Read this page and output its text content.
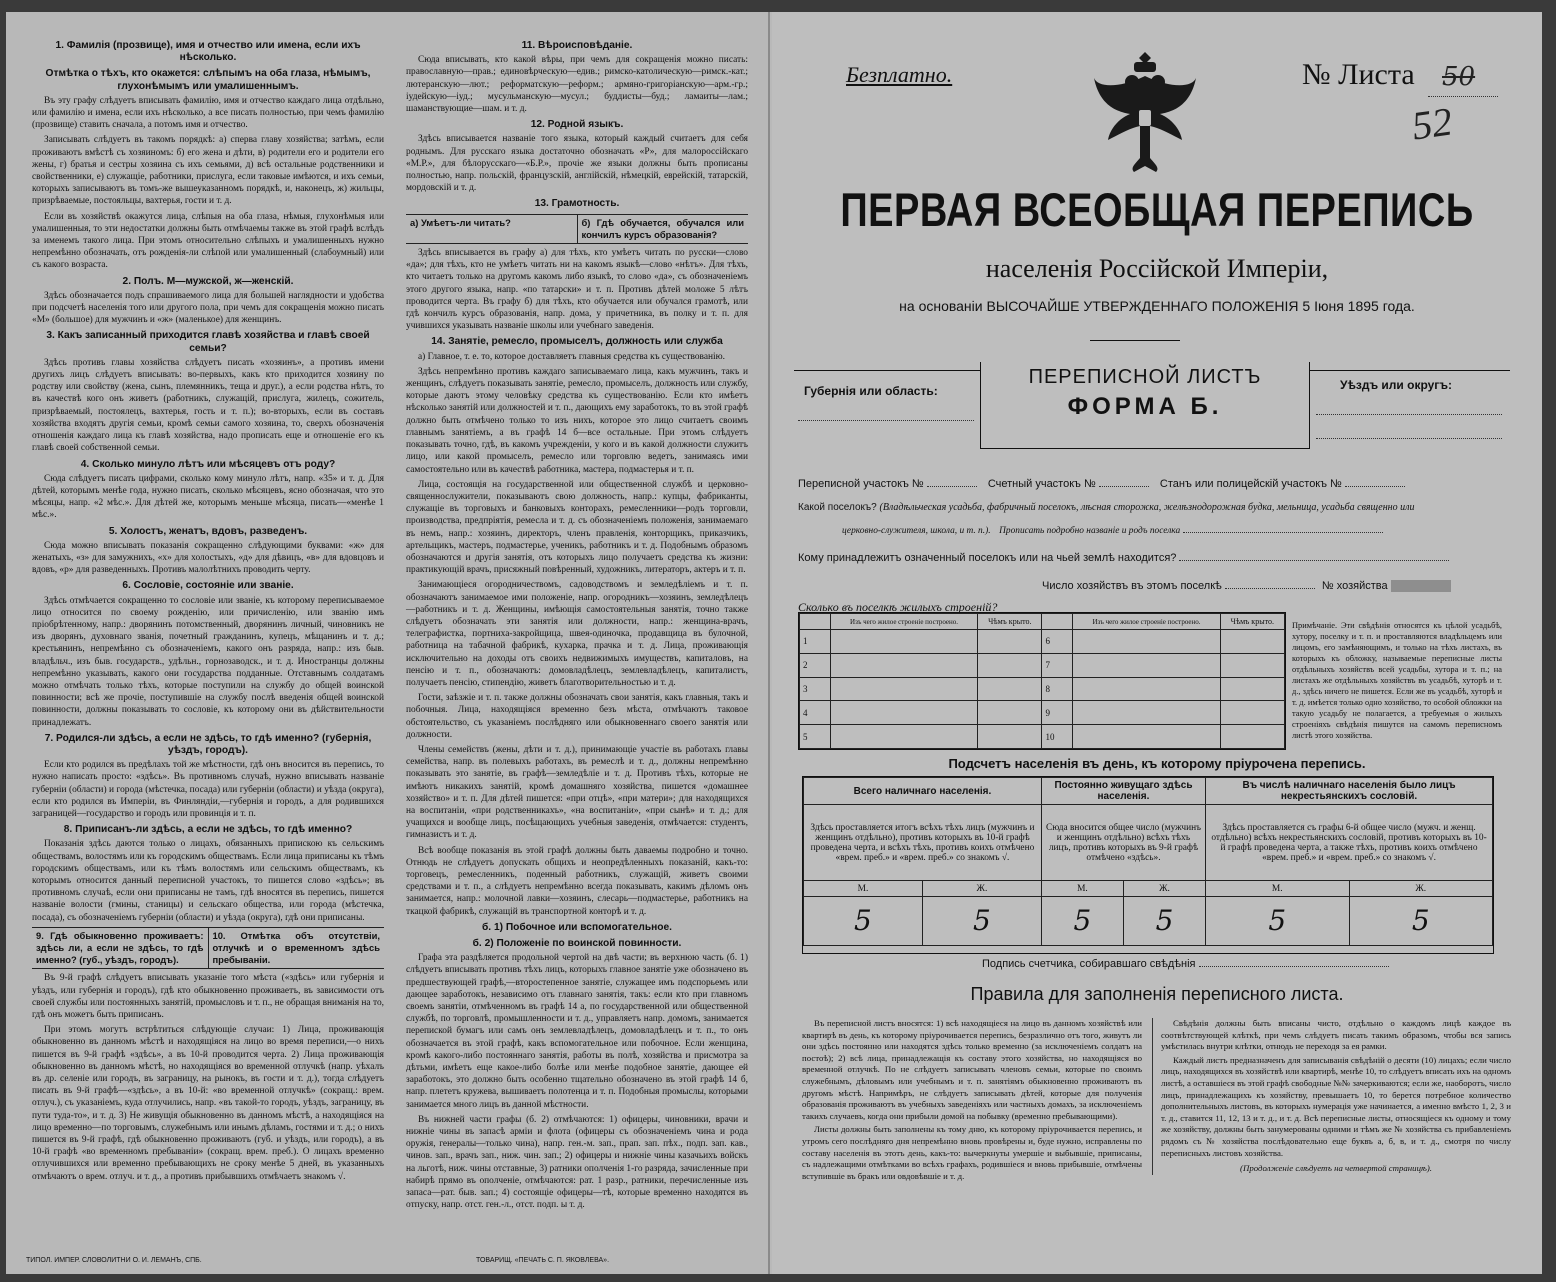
1. Фамилія (прозвище), имя и отчество или имена, если ихъ нѣсколько.
Отмѣтка о тѣхъ, кто окажется: слѣпымъ на оба глаза, нѣмымъ, глухонѣмымъ или умалишеннымъ.

Въ эту графу слѣдуетъ вписывать фамилію, имя и отчество каждаго лица отдѣльно, или фамилію и имена, если ихъ нѣсколько, а все писать полностью, при чемъ фамилію (прозвище) ставить сначала, а потомъ имя и отчество.

Записывать слѣдуетъ въ такомъ порядкѣ: а) сперва главу хозяйства; затѣмъ, если проживаютъ вмѣстѣ съ хозяиномъ: б) его жена и дѣти, в) родители его и родители его жены, г) братья и сестры хозяина съ ихъ семьями, д) всѣ остальные родственники и свойственники, е) служащіе, работники, прислуга, если таковые имѣются, и ихъ семьи, которыхъ записываютъ въ томъ-же вышеуказанномъ порядкѣ, и, наконецъ, ж) жильцы, призрѣваемые, постояльцы, вахтерья, гости и т. д.

Если въ хозяйствѣ окажутся лица, слѣпыя на оба глаза, нѣмыя, глухонѣмыя или умалишенныя, то эти недостатки должны быть отмѣчаемы также въ этой графѣ вслѣдъ за именемъ такого лица. При этомъ относительно слѣпыхъ и умалишенныхъ нужно непремѣнно обозначать, отъ рожденія-ли слѣпой или умалишенный (слабоумный) или съ какого возраста.

2. Полъ. М—мужской, ж—женскій.

Здѣсь обозначается подъ спрашиваемого лица для большей наглядности и удобства при подсчетѣ населенія того или другого пола, при чемъ для сокращенія можно писать «М» (большое) для мужчинъ и «ж» (маленькое) для женщинъ.

3. Какъ записанный приходится главѣ хозяйства и главѣ своей семьи?

Здѣсь противъ главы хозяйства слѣдуетъ писать «хозяинъ», а противъ имени другихъ лицъ слѣдуетъ вписывать: во-первыхъ, какъ кто приходится хозяину по родству или свойству (жена, сынъ, племянникъ, теща и друг.), а если родства нѣтъ, то въ качествѣ кого онъ живетъ (работникъ, служащій, прислуга, жилецъ, сожитель, призрѣваемый, постоялецъ, вахтерья, гость и т. п.); во-вторыхъ, если въ составъ хозяйства входятъ другія семьи, кромѣ семьи самого хозяина, то, сверхъ обозначенія отношенія каждаго лица къ главѣ хозяйства, надо прописать еще и отношеніе его къ главѣ своей собственной семьи.

4. Сколько минуло лѣтъ или мѣсяцевъ отъ роду?

Сюда слѣдуетъ писать цифрами, сколько кому минуло лѣтъ, напр. «35» и т. д. Для дѣтей, которымъ менѣе года, нужно писать, сколько мѣсяцевъ, ясно обозначая, что это мѣсяцы, напр. «2 мѣс.». Для дѣтей же, которымъ меньше мѣсяца, писать—«менѣе 1 мѣс.».

5. Холостъ, женатъ, вдовъ, разведенъ.

Сюда можно вписывать показанія сокращенно слѣдующими буквами: «ж» для женатыхъ, «з» для замужнихъ, «х» для холостыхъ, «д» для дѣвицъ, «в» для вдовцовъ и вдовъ, «р» для разведенныхъ. Противъ малолѣтнихъ проводить черту.

6. Сословіе, состояніе или званіе.

Здѣсь отмѣчается сокращенно то сословіе или званіе, къ которому переписываемое лицо относится по своему рожденію, или причисленію, или званію имъ пріобрѣтенному, напр.: дворянинъ потомственный, дворянинъ личный, чиновникъ не изъ дворянъ, духовнаго званія, почетный гражданинъ, купецъ, мѣщанинъ и т. д.; крестьянинъ, непремѣнно съ обозначеніемъ, какого онъ разряда, напр.: изъ быв. владѣльч., изъ быв. государств., удѣльн., горнозаводск., и т. д. Иностранцы должны непремѣнно указывать, какого они государства подданные. Отставнымъ солдатамъ можно отмѣчать только тѣхъ, которые поступили на службу до общей воинской повинности; всѣ же прочіе, поступившіе на службу послѣ введенія общей воинской повинности, должны показывать то сословіе, къ которому они въ дѣйствительности принадлежатъ.

7. Родился-ли здѣсь, а если не здѣсь, то гдѣ именно? (губернія, уѣздъ, городъ).

Если кто родился въ предѣлахъ той же мѣстности, гдѣ онъ вносится въ перепись, то нужно написать просто: «здѣсь». Въ противномъ случаѣ, нужно вписывать названіе губерніи (области) и города (мѣстечка, посада) или губерніи (области) и уѣзда (округа), если кто родился въ Имперіи, въ Финляндіи,—губернія и городъ, а для родившихся заграницей—государство и городъ или провинція и т. п.

8. Приписанъ-ли здѣсь, а если не здѣсь, то гдѣ именно?

Показанія здѣсь даются только о лицахъ, обязанныхъ припискою къ сельскимъ обществамъ, волостямъ или къ городскимъ обществамъ. Если лица приписаны къ тѣмъ городскимъ обществамъ, или къ тѣмъ волостямъ или сельскимъ обществамъ, къ которымъ относится данный переписной участокъ, то пишется слово «здѣсь»; въ противномъ случаѣ, если они приписаны не тамъ, гдѣ вносятся въ перепись, пишется названіе волости (гмины, станицы) и сельскаго общества, или города (мѣстечка, посада), съ обозначеніемъ губерніи (области) и уѣзда (округа), гдѣ они приписаны.

9. Гдѣ обыкновенно проживаетъ: здѣсь ли, а если не здѣсь, то гдѣ именно? (губ., уѣздъ, городъ).
10. Отмѣтка объ отсутствіи, отлучкѣ и о временномъ здѣсь пребываніи.

Въ 9-й графѣ слѣдуетъ вписывать указаніе того мѣста («здѣсь» или губернія и уѣздъ, или губернія и городъ), гдѣ кто обыкновенно проживаетъ, въ зависимости отъ своей службы или постоянныхъ занятій, промысловъ и т. п., не обращая вниманія на то, гдѣ онъ можетъ быть приписанъ.

При этомъ могутъ встрѣтиться слѣдующіе случаи: 1) Лица, проживающія обыкновенно въ данномъ мѣстѣ и находящіяся на лицо во время переписи,—о нихъ пишется въ 9-й графѣ «здѣсь», а въ 10-й проводится черта. 2) Лица проживающія обыкновенно въ данномъ мѣстѣ, но находящіяся во временной отлучкѣ (напр. уѣхалъ въ др. селеніе или городъ, въ заграницу, на рынокъ, въ гости и т. д.), тогда слѣдуетъ писать въ 9-й графѣ—«здѣсь», а въ 10-й: «во временной отлучкѣ» (сокращ.: врем. отлуч.), съ указаніемъ, куда отлучились, напр. «въ такой-то городъ, уѣздъ, заграницу, въ пути туда-то», и т. д. 3) Не живущія обыкновенно въ данномъ мѣстѣ, а находящіяся на лицо временно—по торговымъ, служебнымъ или инымъ дѣламъ, гостями и т. д.; о нихъ пишется въ 9-й графѣ, гдѣ обыкновенно проживаютъ (губ. и уѣздъ, или городъ), а въ 10-й графѣ «во временномъ пребываніи» (сокращ. врем. преб.). О лицахъ временно отлучившихся или временно пребывающихъ не сроку менѣе 5 дней, въ указанныхъ отмѣчаютъ о врем. отлуч. и т. д., а противъ прибывшихъ отмѣчаетъ знакомъ √.

11. Вѣроисповѣданіе.

Сюда вписывать, кто какой вѣры, при чемъ для сокращенія можно писать: православную—прав.; единовѣрческую—едив.; римско-католическую—римск.-кат.; лютеранскую—лют.; реформатскую—реформ.; армяно-григоріанскую—арм.-гр.; іудейскую—іуд.; мусульманскую—мусул.; буддисты—буд.; ламаиты—лам.; шаманствующие—шам. и т. д.

12. Родной языкъ.

Здѣсь вписывается названіе того языка, который каждый считаетъ для себя роднымъ. Для русскаго языка достаточно обозначать «Р», для малороссійскаго «М.Р.», для бѣлорусскаго—«Б.Р.», прочіе же языки должны быть прописаны полностью, напр. польскій, французскій, англійскій, нѣмецкій, еврейскій, татарскій, мордовскій и т. д.

13. Грамотность.
а) Умѣетъ-ли читать?	б) Гдѣ обучается, обучался или кончилъ курсъ образованія?

Здѣсь вписывается въ графу а) для тѣхъ, кто умѣетъ читать по русски—слово «да»; для тѣхъ, кто не умѣетъ читать ни на какомъ языкѣ—слово «нѣтъ». Для тѣхъ, кто читаетъ только на другомъ какомъ либо языкѣ, то слово «да», съ обозначеніемъ этого другого языка, напр. «по татарски» и т. п. Противъ дѣтей моложе 5 лѣтъ проводится черта. Въ графу б) для тѣхъ, кто обучается или обучался грамотѣ, или гдѣ кончилъ курсъ образованія, напр. дома, у причетника, въ полку и т. п. для учившихся указывать названіе школы или учебнаго заведенія.

14. Занятіе, ремесло, промыселъ, должность или служба

а) Главное, т. е. то, которое доставляетъ главныя средства къ существованію.

Здѣсь непремѣнно противъ каждаго записываемаго лица, какъ мужчинъ, такъ и женщинъ, слѣдуетъ показывать занятіе, ремесло, промыселъ, должность или службу, которые даютъ этому человѣку средства къ существованію. Если кто имѣетъ нѣсколько занятій или должностей и т. п., дающихъ ему заработокъ, то въ этой графѣ должно быть отмѣчено только то изъ нихъ, которое это лицо считаетъ своимъ главнымъ занятіемъ, а въ графѣ 14 б—все остальные. При этомъ слѣдуетъ показывать точно, гдѣ, въ какомъ учрежденіи, у кого и въ какой должности служитъ лицо, или какой промыселъ, ремесло или торговлю ведетъ, занимаясь ими самостоятельно или въ качествѣ работника, мастера, подмастерья и т. п.

Лица, состоящія на государственной или общественной службѣ и церковно-священнослужители, показываютъ свою должность, напр.: купцы, фабриканты, служащіе въ торговыхъ и банковыхъ конторахъ, ремесленники—родъ торговли, производства, предпріятія, ремесла и т. д. съ обозначеніемъ положенія, занимаемаго въ немъ, напр.: хозяинъ, директоръ, членъ правленія, конторщикъ, приказчикъ, артельщикъ, мастеръ, подмастерье, ученикъ, работникъ и т. д. Подобнымъ образомъ обозначаются и другія занятія, отъ которыхъ лицо получаетъ средства къ жизни: практикующій врачъ, присяжный повѣренный, художникъ, литераторъ, актеръ и т. п.

Занимающіеся огородничествомъ, садоводствомъ и земледѣліемъ и т. п. обозначаютъ занимаемое ими положеніе, напр. огородникъ—хозяинъ, земледѣлецъ—работникъ и т. д. Женщины, имѣющія самостоятельныя занятія, точно также слѣдуетъ обозначать эти занятія или должности, напр.: женщина-врачъ, телеграфистка, портниха-закройщица, швея-одиночка, продавщица въ булочной, работница на табачной фабрикѣ, кухарка, прачка и т. д. Лица, проживающія исключительно на доходы отъ своихъ недвижимыхъ имуществъ, капиталовъ, на пенсію и т. п., обозначаютъ: домовладѣлецъ, землевладѣлецъ, капиталистъ, получаетъ пенсію, стипендію, живетъ благотворительностью и т. д.

Гости, заѣзжіе и т. п. также должны обозначать свои занятія, какъ главныя, такъ и побочныя. Лица, находящіяся временно безъ мѣста, отмѣчаютъ таковое обстоятельство, съ указаніемъ послѣдняго или обыкновеннаго своего занятія или должности.

Члены семействъ (жены, дѣти и т. д.), принимающіе участіе въ работахъ главы семейства, напр. въ полевыхъ работахъ, въ ремеслѣ и т. д., должны непремѣнно показывать это занятіе, въ графѣ—земледѣліе и т. д. Противъ тѣхъ, которые не имѣютъ никакихъ занятій, кромѣ домашняго хозяйства, пишется «домашнее хозяйство» и т. п. Для дѣтей пишется: «при отцѣ», «при матери»; для находящихся на воспитаніи, «при родственникахъ», «на воспитаніи», «при сынѣ» и т. д.; для учащихся и вообще лицъ, посѣщающихъ учебныя заведенія, отмѣчается: студентъ, гимназистъ и т. д.

Всѣ вообще показанія въ этой графѣ должны быть даваемы подробно и точно. Отнюдь не слѣдуетъ допускать общихъ и неопредѣленныхъ показаній, какъ-то: торговецъ, ремесленникъ, поденный работникъ, служащій, живетъ своими средствами и т. п., а слѣдуетъ непремѣнно всегда показывать, какимъ дѣломъ онъ занимается, напр.: молочной лавки—хозяинъ, слесарь—подмастерье, работникъ на ткацкой фабрикѣ, служащій въ транспортной конторѣ и т. д.

б. 1) Побочное или вспомогательное.
б. 2) Положеніе по воинской повинности.

Графа эта раздѣляется продольной чертой на двѣ части; въ верхнюю часть (б. 1) слѣдуетъ вписывать противъ тѣхъ лицъ, которыхъ главное занятіе уже обозначено въ предшествующей графѣ,—второстепенное занятіе, служащее имъ подспорьемъ или дающее заработокъ, независимо отъ главнаго занятія, такъ: если кто при главномъ своемъ занятіи, отмѣченномъ въ графѣ 14 а, по государственной или общественной службѣ, по торговлѣ, промышленности и т. д., управляетъ напр. домомъ, занимается перепиской бумагъ или самъ онъ землевладѣлецъ, домовладѣлецъ и т. п., то онъ обозначается въ этой графѣ, какъ вспомогательное или побочное. Если женщина, кромѣ какого-либо постояннаго занятія, работы въ полѣ, хозяйства и присмотра за дѣтьми, имѣетъ еще какое-либо болѣе или менѣе подобное занятіе, дающее ей заработокъ, это должно быть особенно тщательно обозначено въ этой графѣ 14 б, напр. плететъ кружева, вышиваетъ полотенца и т. п. Подобныя промыслы, которыми занимается много лицъ въ данной мѣстности.

Въ нижней части графы (б. 2) отмѣчаются: 1) офицеры, чиновники, врачи и нижніе чины въ запасѣ арміи и флота (офицеры съ обозначеніемъ чина и рода оружія, генералы—только чина), напр. ген.-м. зап., прап. зап. пѣх., подп. зап. кав., чинов. зап., врачъ зап., ниж. чин. зап.; 2) офицеры и нижніе чины казачьихъ войскъ на льготѣ, ниж. чины отставные, 3) ратники ополченія 1-го разряда, зачисленные при набирѣ прямо въ ополченіе, отмѣчаются: рат. 1 разр., ратники, перечисленные изъ запаса—рат. быв. зап.; 4) состоящіе офицеры—тѣ, которые временно находятся въ отпуску, напр. отст. ген.-л., отст. подп. ы т. д.

ТИПОЛ. ИМПЕР. СЛОВОЛИТНИ О. И. ЛЕМАНЪ, СПБ.	ТОВАРИЩ. «ПЕЧАТЬ С. П. ЯКОВЛЕВА».
Безплатно.	№ Листа 50
52
ПЕРВАЯ ВСЕОБЩАЯ ПЕРЕПИСЬ
населенія Россійской Имперіи,
на основаніи ВЫСОЧАЙШЕ УТВЕРЖДЕННАГО ПОЛОЖЕНІЯ 5 Іюня 1895 года.
Губернія или область:
ПЕРЕПИСНОЙ ЛИСТЪ
ФОРМА Б.
Уѣздъ или округъ:
Переписной участокъ №	Счетный участокъ №	Станъ или полицейскій участокъ №
Какой поселокъ? (Владѣльческая усадьба, фабричный поселокъ, лѣсная сторожка, желѣзнодорожная будка, мельница, усадьба священно или
церковно-служителя, школа, и т. п.). Прописать подробно названіе и родъ поселка
Кому принадлежитъ означенный поселокъ или на чьей землѣ находится?
Число хозяйствъ въ этомъ поселкѣ	№ хозяйства
Сколько въ поселкѣ жилыхъ строеній?
	Изъ чего жилое строеніе построено.	Чѣмъ крыто.		Изъ чего жилое строеніе построено.	Чѣмъ крыто.
1			6		
2			7		
3			8		
4			9		
5			10		
Примѣчаніе. Эти свѣдѣнія относятся къ цѣлой усадьбѣ, хутору, поселку и т. п. и проставляются владѣльцемъ или лицомъ, его замѣняющимъ, и только на тѣхъ листахъ, въ которыхъ къ обложку, называемые переписные листы отдѣльныхъ хозяйствъ всей усадьбы, хутора и т. п.; на листахъ же отдѣльныхъ хозяйствъ въ усадьбѣ, хуторѣ и т. д., здѣсь ничего не пишется. Если же въ усадьбѣ, хуторѣ и т. д. имѣется только одно хозяйство, то особой обложки на такую усадьбу не полагается, а требуемыя о жилыхъ строеніяхъ свѣдѣнія пишутся на самомъ переписномъ листѣ этого хозяйства.
Подсчетъ населенія въ день, къ которому пріурочена перепись.
Всего наличнаго населенія.		Постоянно живущаго здѣсь населенія.		Въ числѣ наличнаго населенія было лицъ некрестьянскихъ сословій.	
Здѣсь проставляется итогъ всѣхъ тѣхъ лицъ (мужчинъ и женщинъ отдѣльно), противъ которыхъ въ 10-й графѣ проведена черта, и всѣхъ тѣхъ, противъ коихъ отмѣчено «врем. преб.» и «врем. преб.» со знакомъ √.		Сюда вносится общее число (мужчинъ и женщинъ отдѣльно) всѣхъ тѣхъ лицъ, противъ которыхъ въ 9-й графѣ отмѣчено «здѣсь».		Здѣсь проставляется съ графы 6-й общее число (мужч. и женщ. отдѣльно) всѣхъ некрестьянскихъ сословій, противъ которыхъ въ 10-й графѣ проведена черта, а также тѣхъ, противъ коихъ отмѣчено «врем. преб.» и «врем. преб.» со знакомъ √.	
М.	Ж.	М.	Ж.	М.	Ж.
5	5	5	5	5	5

Подпись счетчика, собиравшаго свѣдѣнія
Правила для заполненія переписного листа.

Въ переписной листъ вносятся: 1) всѣ находящіеся на лицо въ данномъ хозяйствѣ или квартирѣ въ день, къ которому пріурочивается перепись, безразлично отъ того, живутъ ли они здѣсь постоянно или находятся здѣсь только временно (за исключеніемъ солдатъ на постоѣ); 2) всѣ лица, принадлежащія къ составу этого хозяйства, но находящіяся во временной отлучкѣ. По не слѣдуетъ записывать членовъ семьи, которые по своимъ служебнымъ, дѣловымъ или учебнымъ и т. п. занятіямъ обыкновенно проживаютъ въ другомъ мѣстѣ. Напримѣръ, не слѣдуетъ записывать дѣтей, которые для полученія образованія проживаютъ въ учебныхъ заведеніяхъ или частныхъ домахъ, за исключеніемъ такихъ случаевъ, когда они прибыли домой на побывку (временно пребывающими).

Листы должны быть заполнены къ тому дню, къ которому пріурочивается перепись, и утромъ сего послѣдняго дня непремѣнно вновь провѣрены и, буде нужно, исправлены по составу населенія въ этотъ день, какъ-то: вычеркнуты умершіе и выбывшіе, приписаны, съ надлежащими отмѣтками во всѣхъ графахъ, родившіеся и вновь прибывшіе, отмѣчены вступившіе въ бракъ или овдовѣвшіе и т. д.

Свѣдѣнія должны быть вписаны чисто, отдѣльно о каждомъ лицѣ каждое въ соотвѣтствующей клѣткѣ, при чемъ слѣдуетъ писать такимъ образомъ, чтобы вся запись умѣстилась внутри клѣтки, отнюдь не переходя за ея рамки.

Каждый листъ предназначенъ для записыванія свѣдѣній о десяти (10) лицахъ; если число лицъ, находящихся въ хозяйствѣ или квартирѣ, менѣе 10, то слѣдуетъ вписать ихъ на одномъ листѣ, а оставшіеся въ этой графѣ свободные №№ зачеркиваются; если же, наоборотъ, число лицъ, принадлежащихъ къ хозяйству, превышаетъ 10, то берется потребное количество дополнительныхъ листовъ, въ которыхъ нумерація уже начинается, а именно вмѣсто 1, 2, 3 и т. д., ставится 11, 12, 13 и т. д., и т. д. Всѣ переписные листы, относящіеся къ одному и тому же хозяйству, должны быть занумерованы одними и тѣмъ же № хозяйства съ прибавленіемъ рядомъ съ № хозяйства послѣдовательно еще буквъ а, б, в, и т. д., смотря по числу переписныхъ листовъ хозяйства.

(Продолженіе слѣдуетъ на четвертой страницѣ).
